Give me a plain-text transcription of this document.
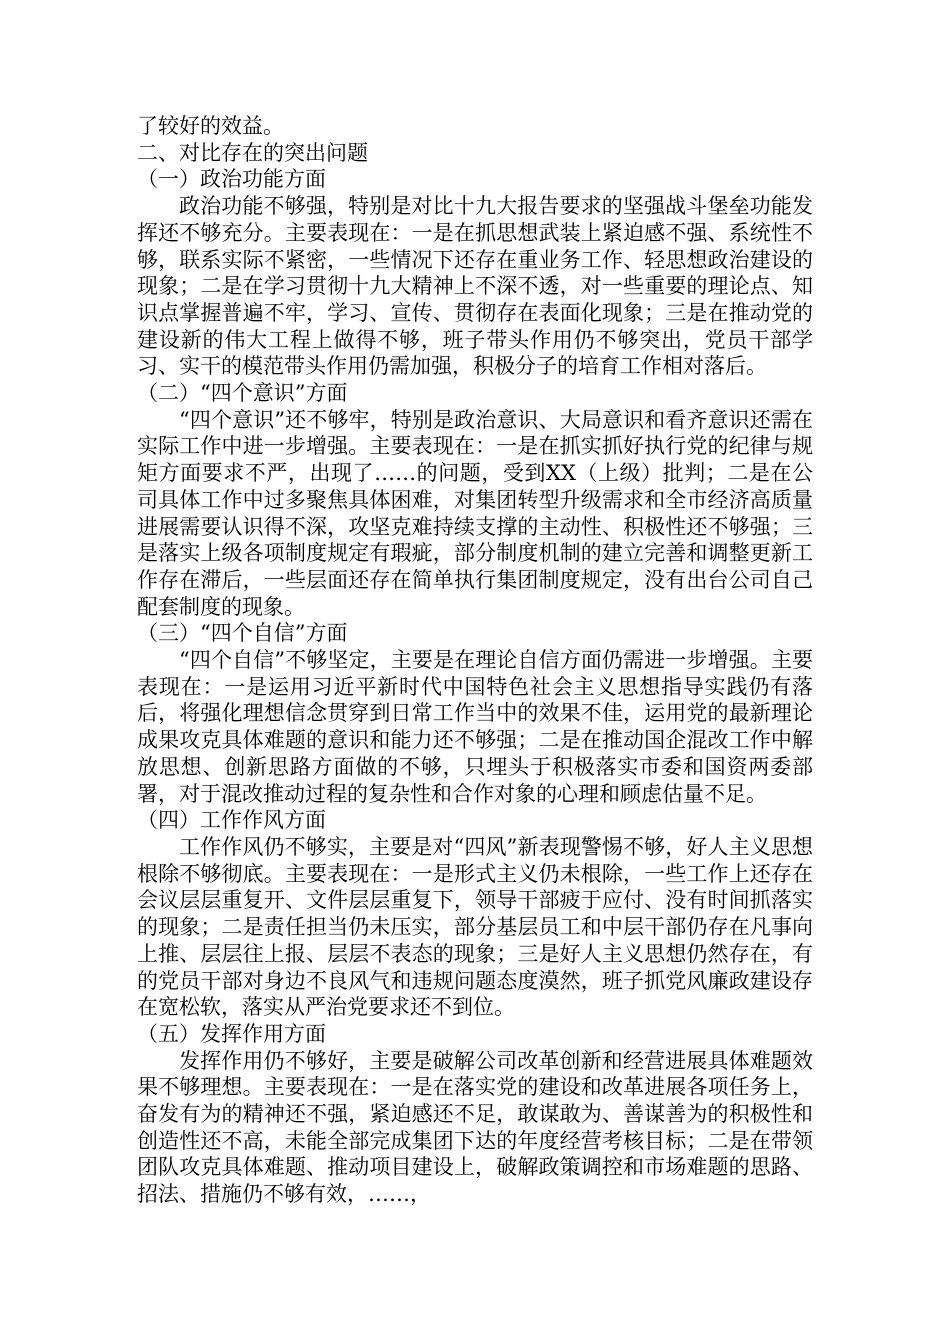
了较好的效益。

二、对比存在的突出问题

（一）政治功能方面

政治功能不够强，特别是对比十九大报告要求的坚强战斗堡垒功能发挥还不够充分。主要表现在：一是在抓思想武装上紧迫感不强、系统性不够，联系实际不紧密，一些情况下还存在重业务工作、轻思想政治建设的现象；二是在学习贯彻十九大精神上不深不透，对一些重要的理论点、知识点掌握普遍不牢，学习、宣传、贯彻存在表面化现象；三是在推动党的建设新的伟大工程上做得不够，班子带头作用仍不够突出，党员干部学习、实干的模范带头作用仍需加强，积极分子的培育工作相对落后。

（二）“四个意识”方面

“四个意识”还不够牢，特别是政治意识、大局意识和看齐意识还需在实际工作中进一步增强。主要表现在：一是在抓实抓好执行党的纪律与规矩方面要求不严，出现了……的问题，受到XX（上级）批判；二是在公司具体工作中过多聚焦具体困难，对集团转型升级需求和全市经济高质量进展需要认识得不深，攻坚克难持续支撑的主动性、积极性还不够强；三是落实上级各项制度规定有瑕疵，部分制度机制的建立完善和调整更新工作存在滞后，一些层面还存在简单执行集团制度规定，没有出台公司自己配套制度的现象。

（三）“四个自信”方面

“四个自信”不够坚定，主要是在理论自信方面仍需进一步增强。主要表现在：一是运用习近平新时代中国特色社会主义思想指导实践仍有落后，将强化理想信念贯穿到日常工作当中的效果不佳，运用党的最新理论成果攻克具体难题的意识和能力还不够强；二是在推动国企混改工作中解放思想、创新思路方面做的不够，只埋头于积极落实市委和国资两委部署，对于混改推动过程的复杂性和合作对象的心理和顾虑估量不足。

（四）工作作风方面

工作作风仍不够实，主要是对“四风”新表现警惕不够，好人主义思想根除不够彻底。主要表现在：一是形式主义仍未根除，一些工作上还存在会议层层重复开、文件层层重复下，领导干部疲于应付、没有时间抓落实的现象；二是责任担当仍未压实，部分基层员工和中层干部仍存在凡事向上推、层层往上报、层层不表态的现象；三是好人主义思想仍然存在，有的党员干部对身边不良风气和违规问题态度漠然，班子抓党风廉政建设存在宽松软，落实从严治党要求还不到位。

（五）发挥作用方面

发挥作用仍不够好，主要是破解公司改革创新和经营进展具体难题效果不够理想。主要表现在：一是在落实党的建设和改革进展各项任务上，奋发有为的精神还不强，紧迫感还不足，敢谋敢为、善谋善为的积极性和创造性还不高，未能全部完成集团下达的年度经营考核目标；二是在带领团队攻克具体难题、推动项目建设上，破解政策调控和市场难题的思路、招法、措施仍不够有效，……，
